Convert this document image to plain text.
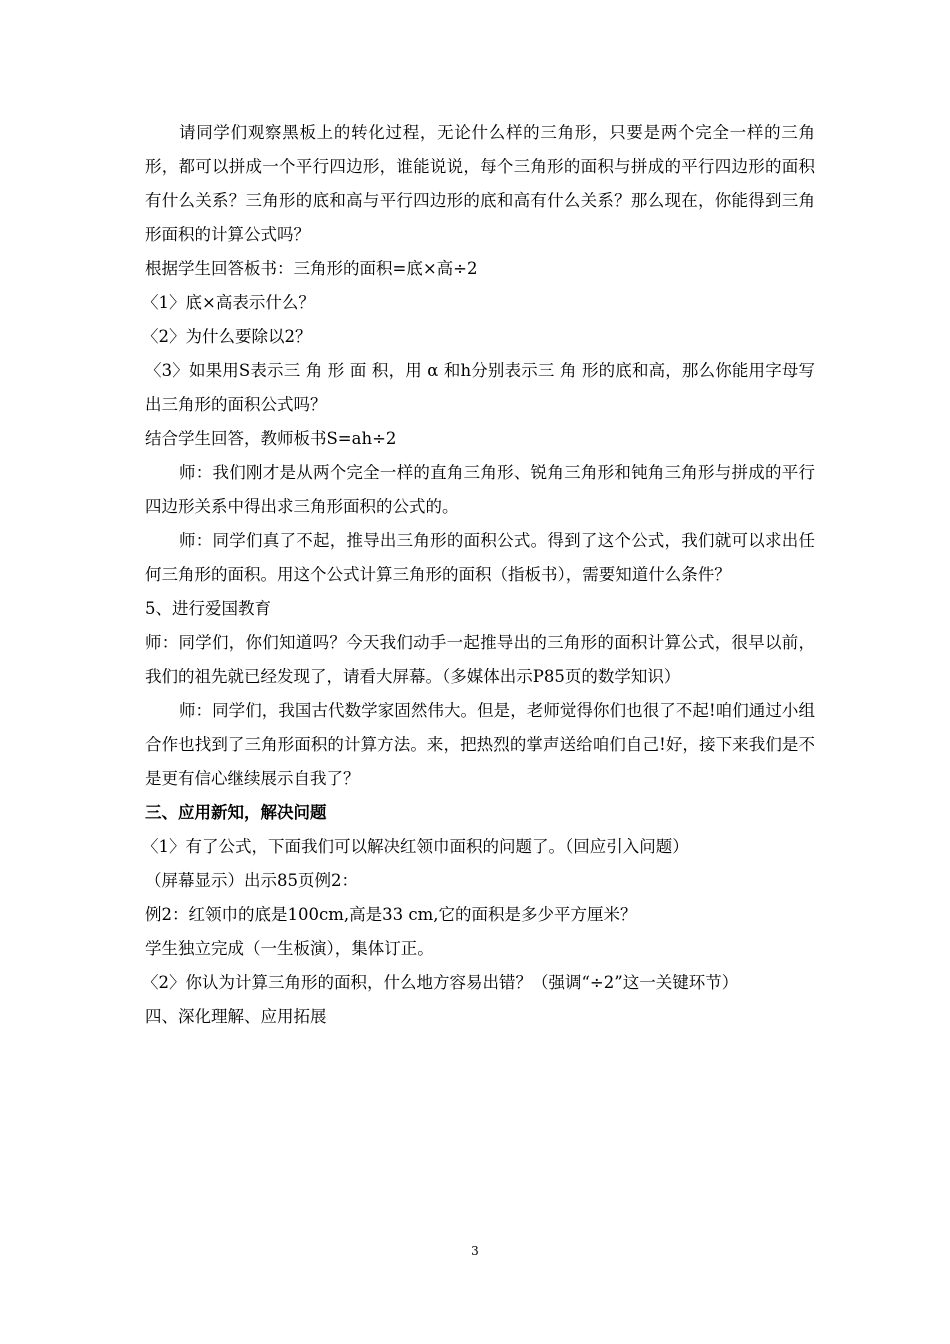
请同学们观察黑板上的转化过程，无论什么样的三角形，只要是两个完全一样的三角形，都可以拼成一个平行四边形，谁能说说，每个三角形的面积与拼成的平行四边形的面积有什么关系？三角形的底和高与平行四边形的底和高有什么关系？那么现在，你能得到三角形面积的计算公式吗？

根据学生回答板书：三角形的面积=底×高÷2

〈1〉底×高表示什么？

〈2〉为什么要除以2？

〈3〉如果用S表示三 角 形 面 积，用 α 和h分别表示三 角 形的底和高，那么你能用字母写出三角形的面积公式吗？

结合学生回答，教师板书S=ah÷2

师：我们刚才是从两个完全一样的直角三角形、锐角三角形和钝角三角形与拼成的平行四边形关系中得出求三角形面积的公式的。

师：同学们真了不起，推导出三角形的面积公式。得到了这个公式，我们就可以求出任何三角形的面积。用这个公式计算三角形的面积（指板书），需要知道什么条件？

5、进行爱国教育

师：同学们，你们知道吗？今天我们动手一起推导出的三角形的面积计算公式，很早以前，我们的祖先就已经发现了，请看大屏幕。（多媒体出示P85页的数学知识）

师：同学们，我国古代数学家固然伟大。但是，老师觉得你们也很了不起!咱们通过小组合作也找到了三角形面积的计算方法。来，把热烈的掌声送给咱们自己!好，接下来我们是不是更有信心继续展示自我了？

三、应用新知，解决问题

〈1〉有了公式，下面我们可以解决红领巾面积的问题了。（回应引入问题）

（屏幕显示）出示85页例2：

例2：红领巾的底是100cm,高是33 cm,它的面积是多少平方厘米？

学生独立完成（一生板演），集体订正。

〈2〉你认为计算三角形的面积，什么地方容易出错？（强调“÷2”这一关键环节）

四、深化理解、应用拓展

3
